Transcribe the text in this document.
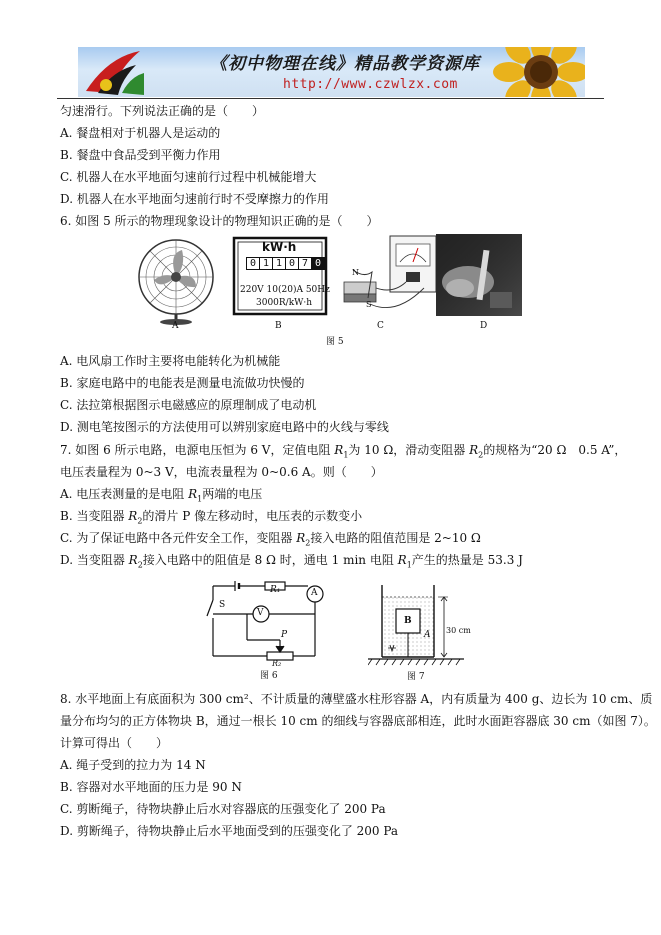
《初中物理在线》精品教学资源库
http://www.czwlzx.com
匀速滑行。下列说法正确的是（　　）
A. 餐盘相对于机器人是运动的
B. 餐盘中食品受到平衡力作用
C. 机器人在水平地面匀速前行过程中机械能增大
D. 机器人在水平地面匀速前行时不受摩擦力的作用
6. 如图 5 所示的物理现象设计的物理知识正确的是（　　）
kW·h
0 1 1 0 7 0
220V 10(20)A 50Hz
3000R/kW·h
N
S
A	B	C	D
图 5
A. 电风扇工作时主要将电能转化为机械能
B. 家庭电路中的电能表是测量电流做功快慢的
C. 法拉第根据图示电磁感应的原理制成了电动机
D. 测电笔按图示的方法使用可以辨别家庭电路中的火线与零线
7. 如图 6 所示电路，电源电压恒为 6 V，定值电阻 $R_1$为 10 Ω，滑动变阻器 $R_2$的规格为“20 Ω　0.5 A”，
电压表量程为 0~3 V，电流表量程为 0~0.6 A。则（　　）
A. 电压表测量的是电阻 $R_1$两端的电压
B. 当变阻器 $R_2$的滑片 P 像左移动时，电压表的示数变小
C. 为了保证电路中各元件安全工作，变阻器 $R_2$接入电路的阻值范围是 2~10 Ω
D. 当变阻器 $R_2$接入电路中的阻值是 8 Ω 时，通电 1 min 电阻 $R_1$产生的热量是 53.3 J
S
R₁	A
V
P
R₂
图 6
B
A 30 cm
图 7
8. 水平地面上有底面积为 300 cm²、不计质量的薄壁盛水柱形容器 A，内有质量为 400 g、边长为 10 cm、质
量分布均匀的正方体物块 B，通过一根长 10 cm 的细线与容器底部相连，此时水面距容器底 30 cm（如图 7）。
计算可得出（　　）
A. 绳子受到的拉力为 14 N
B. 容器对水平地面的压力是 90 N
C. 剪断绳子，待物块静止后水对容器底的压强变化了 200 Pa
D. 剪断绳子，待物块静止后水平地面受到的压强变化了 200 Pa
